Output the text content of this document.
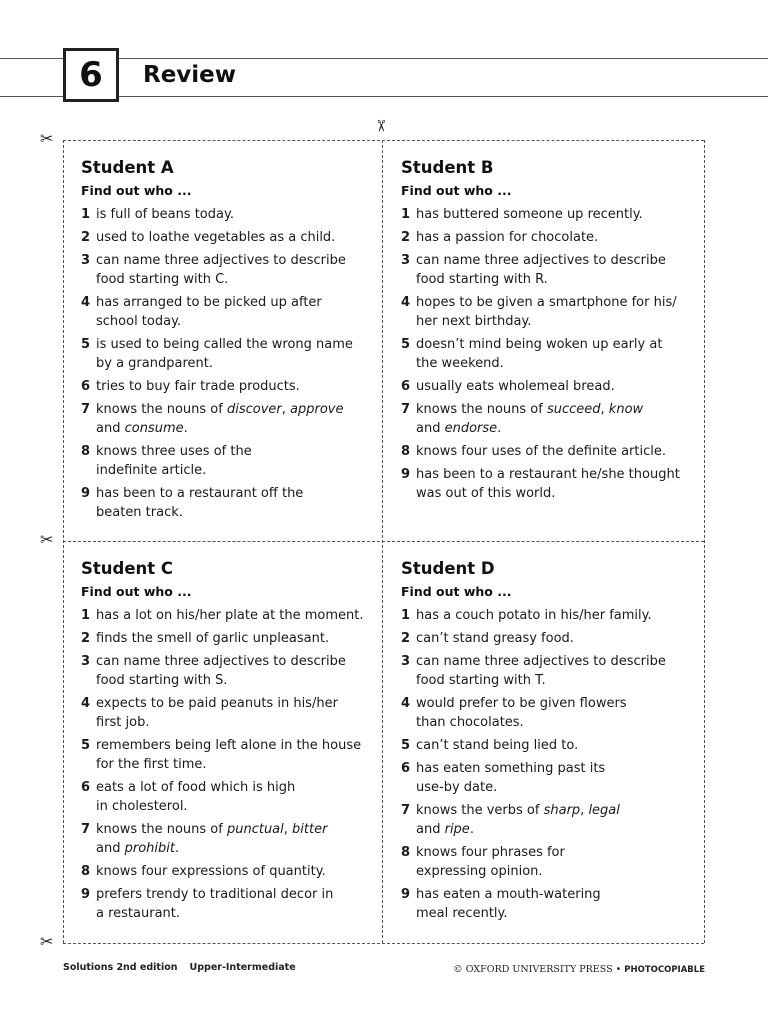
6 Review
✂
✂
✂
✂
Student A
Find out who ...
1 is full of beans today.
2 used to loathe vegetables as a child.
3 can name three adjectives to describe
food starting with C.
4 has arranged to be picked up after
school today.
5 is used to being called the wrong name
by a grandparent.
6 tries to buy fair trade products.
7 knows the nouns of discover, approve
and consume.
8 knows three uses of the
indefinite article.
9 has been to a restaurant off the
beaten track.
Student B
Find out who ...
1 has buttered someone up recently.
2 has a passion for chocolate.
3 can name three adjectives to describe
food starting with R.
4 hopes to be given a smartphone for his/
her next birthday.
5 doesn’t mind being woken up early at
the weekend.
6 usually eats wholemeal bread.
7 knows the nouns of succeed, know
and endorse.
8 knows four uses of the definite article.
9 has been to a restaurant he/she thought
was out of this world.
Student C
Find out who ...
1 has a lot on his/her plate at the moment.
2 finds the smell of garlic unpleasant.
3 can name three adjectives to describe
food starting with S.
4 expects to be paid peanuts in his/her
first job.
5 remembers being left alone in the house
for the first time.
6 eats a lot of food which is high
in cholesterol.
7 knows the nouns of punctual, bitter
and prohibit.
8 knows four expressions of quantity.
9 prefers trendy to traditional decor in
a restaurant.
Student D
Find out who ...
1 has a couch potato in his/her family.
2 can’t stand greasy food.
3 can name three adjectives to describe
food starting with T.
4 would prefer to be given flowers
than chocolates.
5 can’t stand being lied to.
6 has eaten something past its
use-by date.
7 knows the verbs of sharp, legal
and ripe.
8 knows four phrases for
expressing opinion.
9 has eaten a mouth-watering
meal recently.
Solutions 2nd edition Upper-Intermediate	© OXFORD UNIVERSITY PRESS • PHOTOCOPIABLE
